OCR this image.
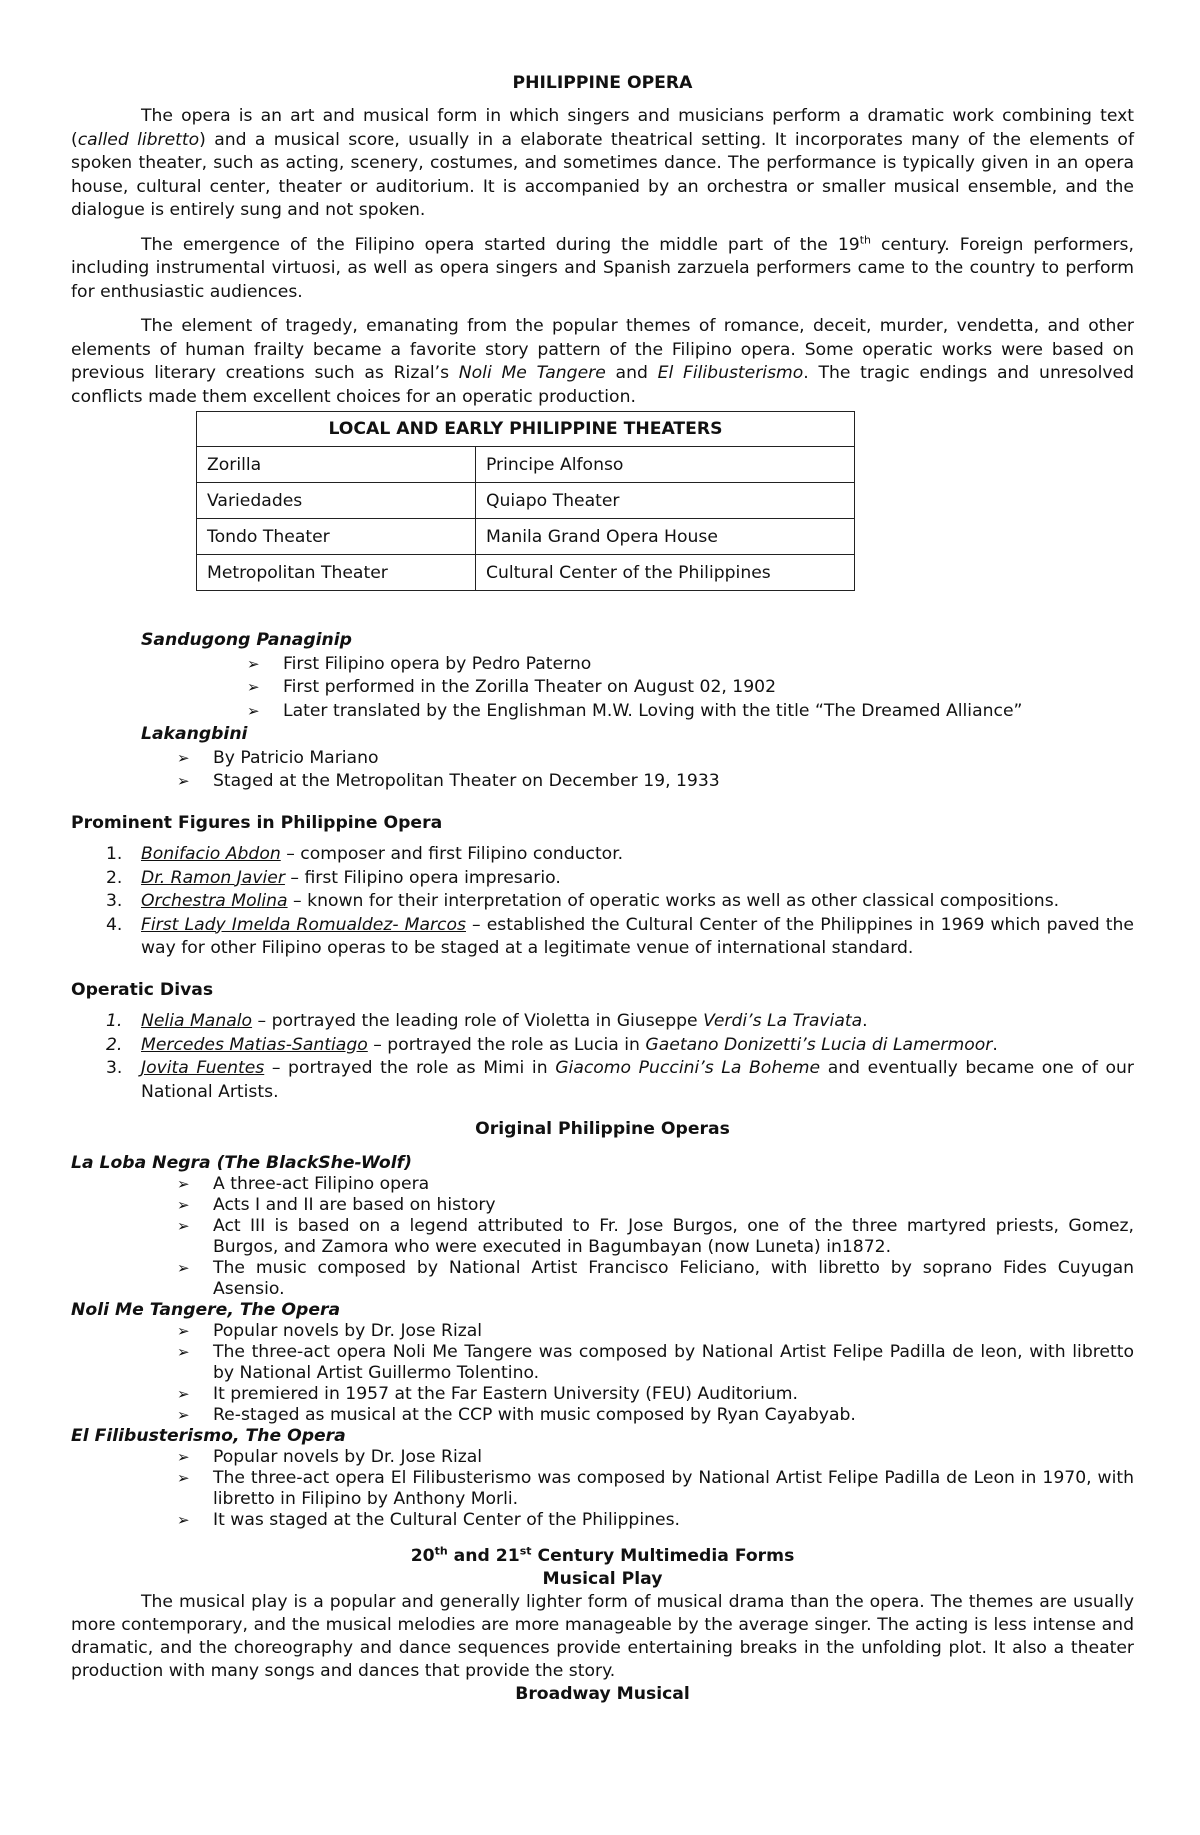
PHILIPPINE OPERA

The opera is an art and musical form in which singers and musicians perform a dramatic work combining text (called libretto) and a musical score, usually in a elaborate theatrical setting. It incorporates many of the elements of spoken theater, such as acting, scenery, costumes, and sometimes dance. The performance is typically given in an opera house, cultural center, theater or auditorium. It is accompanied by an orchestra or smaller musical ensemble, and the dialogue is entirely sung and not spoken.

The emergence of the Filipino opera started during the middle part of the 19th century. Foreign performers, including instrumental virtuosi, as well as opera singers and Spanish zarzuela performers came to the country to perform for enthusiastic audiences.

The element of tragedy, emanating from the popular themes of romance, deceit, murder, vendetta, and other elements of human frailty became a favorite story pattern of the Filipino opera. Some operatic works were based on previous literary creations such as Rizal’s Noli Me Tangere and El Filibusterismo. The tragic endings and unresolved conflicts made them excellent choices for an operatic production.

LOCAL AND EARLY PHILIPPINE THEATERS	
Zorilla	Principe Alfonso
Variedades	Quiapo Theater
Tondo Theater	Manila Grand Opera House
Metropolitan Theater	Cultural Center of the Philippines
Sandugong Panaginip
➢ First Filipino opera by Pedro Paterno
➢ First performed in the Zorilla Theater on August 02, 1902
➢ Later translated by the Englishman M.W. Loving with the title “The Dreamed Alliance”
Lakangbini
➢ By Patricio Mariano
➢ Staged at the Metropolitan Theater on December 19, 1933
Prominent Figures in Philippine Opera
1. Bonifacio Abdon – composer and first Filipino conductor.
2. Dr. Ramon Javier – first Filipino opera impresario.
3. Orchestra Molina – known for their interpretation of operatic works as well as other classical compositions.
4. First Lady Imelda Romualdez- Marcos – established the Cultural Center of the Philippines in 1969 which paved the way for other Filipino operas to be staged at a legitimate venue of international standard.
Operatic Divas
1. Nelia Manalo – portrayed the leading role of Violetta in Giuseppe Verdi’s La Traviata.
2. Mercedes Matias-Santiago – portrayed the role as Lucia in Gaetano Donizetti’s Lucia di Lamermoor.
3. Jovita Fuentes – portrayed the role as Mimi in Giacomo Puccini’s La Boheme and eventually became one of our National Artists.
Original Philippine Operas
La Loba Negra (The BlackShe-Wolf)
➢ A three-act Filipino opera
➢ Acts I and II are based on history
➢ Act III is based on a legend attributed to Fr. Jose Burgos, one of the three martyred priests, Gomez, Burgos, and Zamora who were executed in Bagumbayan (now Luneta) in1872.
➢ The music composed by National Artist Francisco Feliciano, with libretto by soprano Fides Cuyugan Asensio.
Noli Me Tangere, The Opera
➢ Popular novels by Dr. Jose Rizal
➢ The three-act opera Noli Me Tangere was composed by National Artist Felipe Padilla de leon, with libretto by National Artist Guillermo Tolentino.
➢ It premiered in 1957 at the Far Eastern University (FEU) Auditorium.
➢ Re-staged as musical at the CCP with music composed by Ryan Cayabyab.
El Filibusterismo, The Opera
➢ Popular novels by Dr. Jose Rizal
➢ The three-act opera El Filibusterismo was composed by National Artist Felipe Padilla de Leon in 1970, with libretto in Filipino by Anthony Morli.
➢ It was staged at the Cultural Center of the Philippines.
20th and 21st Century Multimedia Forms
Musical Play

The musical play is a popular and generally lighter form of musical drama than the opera. The themes are usually more contemporary, and the musical melodies are more manageable by the average singer. The acting is less intense and dramatic, and the choreography and dance sequences provide entertaining breaks in the unfolding plot. It also a theater production with many songs and dances that provide the story.

Broadway Musical
